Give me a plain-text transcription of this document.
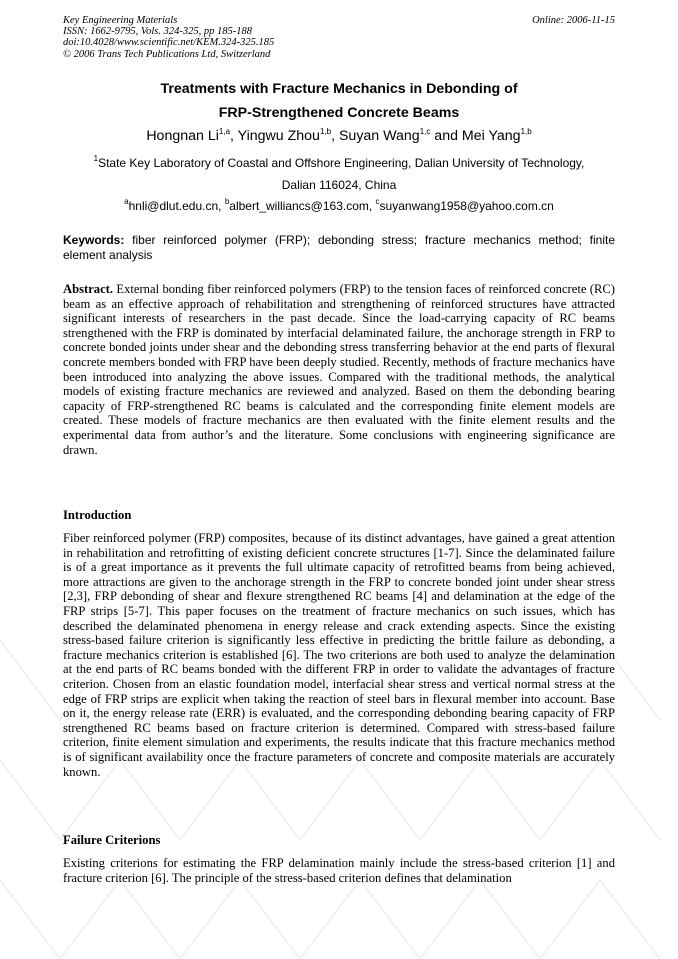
Key Engineering Materials
ISSN: 1662-9795, Vols. 324-325, pp 185-188
doi:10.4028/www.scientific.net/KEM.324-325.185
© 2006 Trans Tech Publications Ltd, Switzerland
Online: 2006-11-15
Treatments with Fracture Mechanics in Debonding of
FRP-Strengthened Concrete Beams
Hongnan Li$^{1,a}$, Yingwu Zhou$^{1,b}$, Suyan Wang$^{1,c}$ and Mei Yang$^{1,b}$
$^1$State Key Laboratory of Coastal and Offshore Engineering, Dalian University of Technology,
Dalian 116024, China
$^a$hnli@dlut.edu.cn, $^b$albert_williancs@163.com, $^c$suyanwang1958@yahoo.com.cn
Keywords: fiber reinforced polymer (FRP); debonding stress; fracture mechanics method; finite element analysis
Abstract. External bonding fiber reinforced polymers (FRP) to the tension faces of reinforced concrete (RC) beam as an effective approach of rehabilitation and strengthening of reinforced structures have attracted significant interests of researchers in the past decade. Since the load-carrying capacity of RC beams strengthened with the FRP is dominated by interfacial delaminated failure, the anchorage strength in FRP to concrete bonded joints under shear and the debonding stress transferring behavior at the end parts of flexural concrete members bonded with FRP have been deeply studied. Recently, methods of fracture mechanics have been introduced into analyzing the above issues. Compared with the traditional methods, the analytical models of existing fracture mechanics are reviewed and analyzed. Based on them the debonding bearing capacity of FRP-strengthened RC beams is calculated and the corresponding finite element models are created. These models of fracture mechanics are then evaluated with the finite element results and the experimental data from author’s and the literature. Some conclusions with engineering significance are drawn.
Introduction
Fiber reinforced polymer (FRP) composites, because of its distinct advantages, have gained a great attention in rehabilitation and retrofitting of existing deficient concrete structures [1-7]. Since the delaminated failure is of a great importance as it prevents the full ultimate capacity of retrofitted beams from being achieved, more attractions are given to the anchorage strength in the FRP to concrete bonded joint under shear stress [2,3], FRP debonding of shear and flexure strengthened RC beams [4] and delamination at the edge of the FRP strips [5-7]. This paper focuses on the treatment of fracture mechanics on such issues, which has described the delaminated phenomena in energy release and crack extending aspects. Since the existing stress-based failure criterion is significantly less effective in predicting the brittle failure as debonding, a fracture mechanics criterion is established [6]. The two criterions are both used to analyze the delamination at the end parts of RC beams bonded with the different FRP in order to validate the advantages of fracture criterion. Chosen from an elastic foundation model, interfacial shear stress and vertical normal stress at the edge of FRP strips are explicit when taking the reaction of steel bars in flexural member into account. Base on it, the energy release rate (ERR) is evaluated, and the corresponding debonding bearing capacity of FRP strengthened RC beams based on fracture criterion is determined. Compared with stress-based failure criterion, finite element simulation and experiments, the results indicate that this fracture mechanics method is of significant availability once the fracture parameters of concrete and composite materials are accurately known.
Failure Criterions
Existing criterions for estimating the FRP delamination mainly include the stress-based criterion [1] and fracture criterion [6]. The principle of the stress-based criterion defines that delamination
